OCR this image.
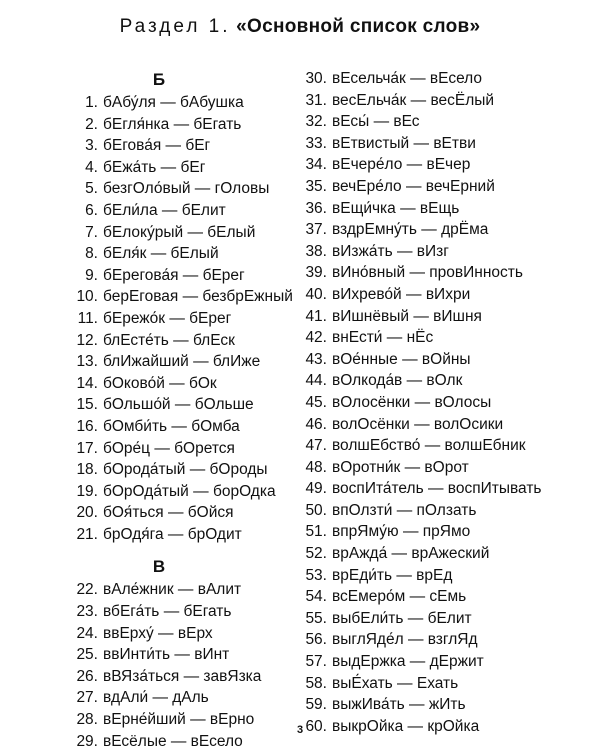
Раздел 1. «Основной список слов»
Б
1. бАбу́ля — бАбушка
2. бЕгля́нка — бЕгать
3. бЕгова́я — бЕг
4. бЕжа́ть — бЕг
5. безгОло́вый — гОловы
6. бЕли́ла — бЕлит
7. бЕлоку́рый — бЕлый
8. бЕля́к — бЕлый
9. бЕрегова́я — бЕрег
10. берЕговая — безбрЕжный
11. бЕрежо́к — бЕрег
12. блЕсте́ть — блЕск
13. блИжайший — блИже
14. бОково́й — бОк
15. бОльшо́й — бОльше
16. бОмби́ть — бОмба
17. бОре́ц — бОрется
18. бОрода́тый — бОроды
19. бОрОда́тый — борОдка
20. бОя́ться — бОйся
21. брОдя́га — брОдит
В
22. вАле́жник — вАлит
23. вбЕга́ть — бЕгать
24. ввЕрху́ — вЕрх
25. ввИнти́ть — вИнт
26. вВЯза́ться — завЯзка
27. вдАли́ — дАль
28. вЕрне́йший — вЕрно
29. вЕсёлые — вЕсело
30. вЕсельча́к — вЕсело
31. весЕльча́к — весЁлый
32. вЕсы́ — вЕс
33. вЕтвистый — вЕтви
34. вЕчере́ло — вЕчер
35. вечЕре́ло — вечЕрний
36. вЕщи́чка — вЕщь
37. вздрЕмну́ть — дрЁма
38. вИзжа́ть — вИзг
39. вИно́вный — провИнность
40. вИхрево́й — вИхри
41. вИшнёвый — вИшня
42. внЕсти́ — нЁс
43. вОе́нные — вОйны
44. вОлкода́в — вОлк
45. вОлосёнки — вОлосы
46. волОсёнки — волОсики
47. волшЕбство́ — волшЕбник
48. вОротни́к — вОрот
49. воспИта́тель — воспИтывать
50. впОлзти́ — пОлзать
51. впрЯму́ю — прЯмо
52. врАжда́ — врАжеский
53. врЕди́ть — врЕд
54. всЕмеро́м — сЕмь
55. выбЕли́ть — бЕлит
56. выглЯде́л — взглЯд
57. выдЕржка — дЕржит
58. выЕ́хать — Ехать
59. выжИва́ть — жИть
60. выкрОйка — крОйка
3
